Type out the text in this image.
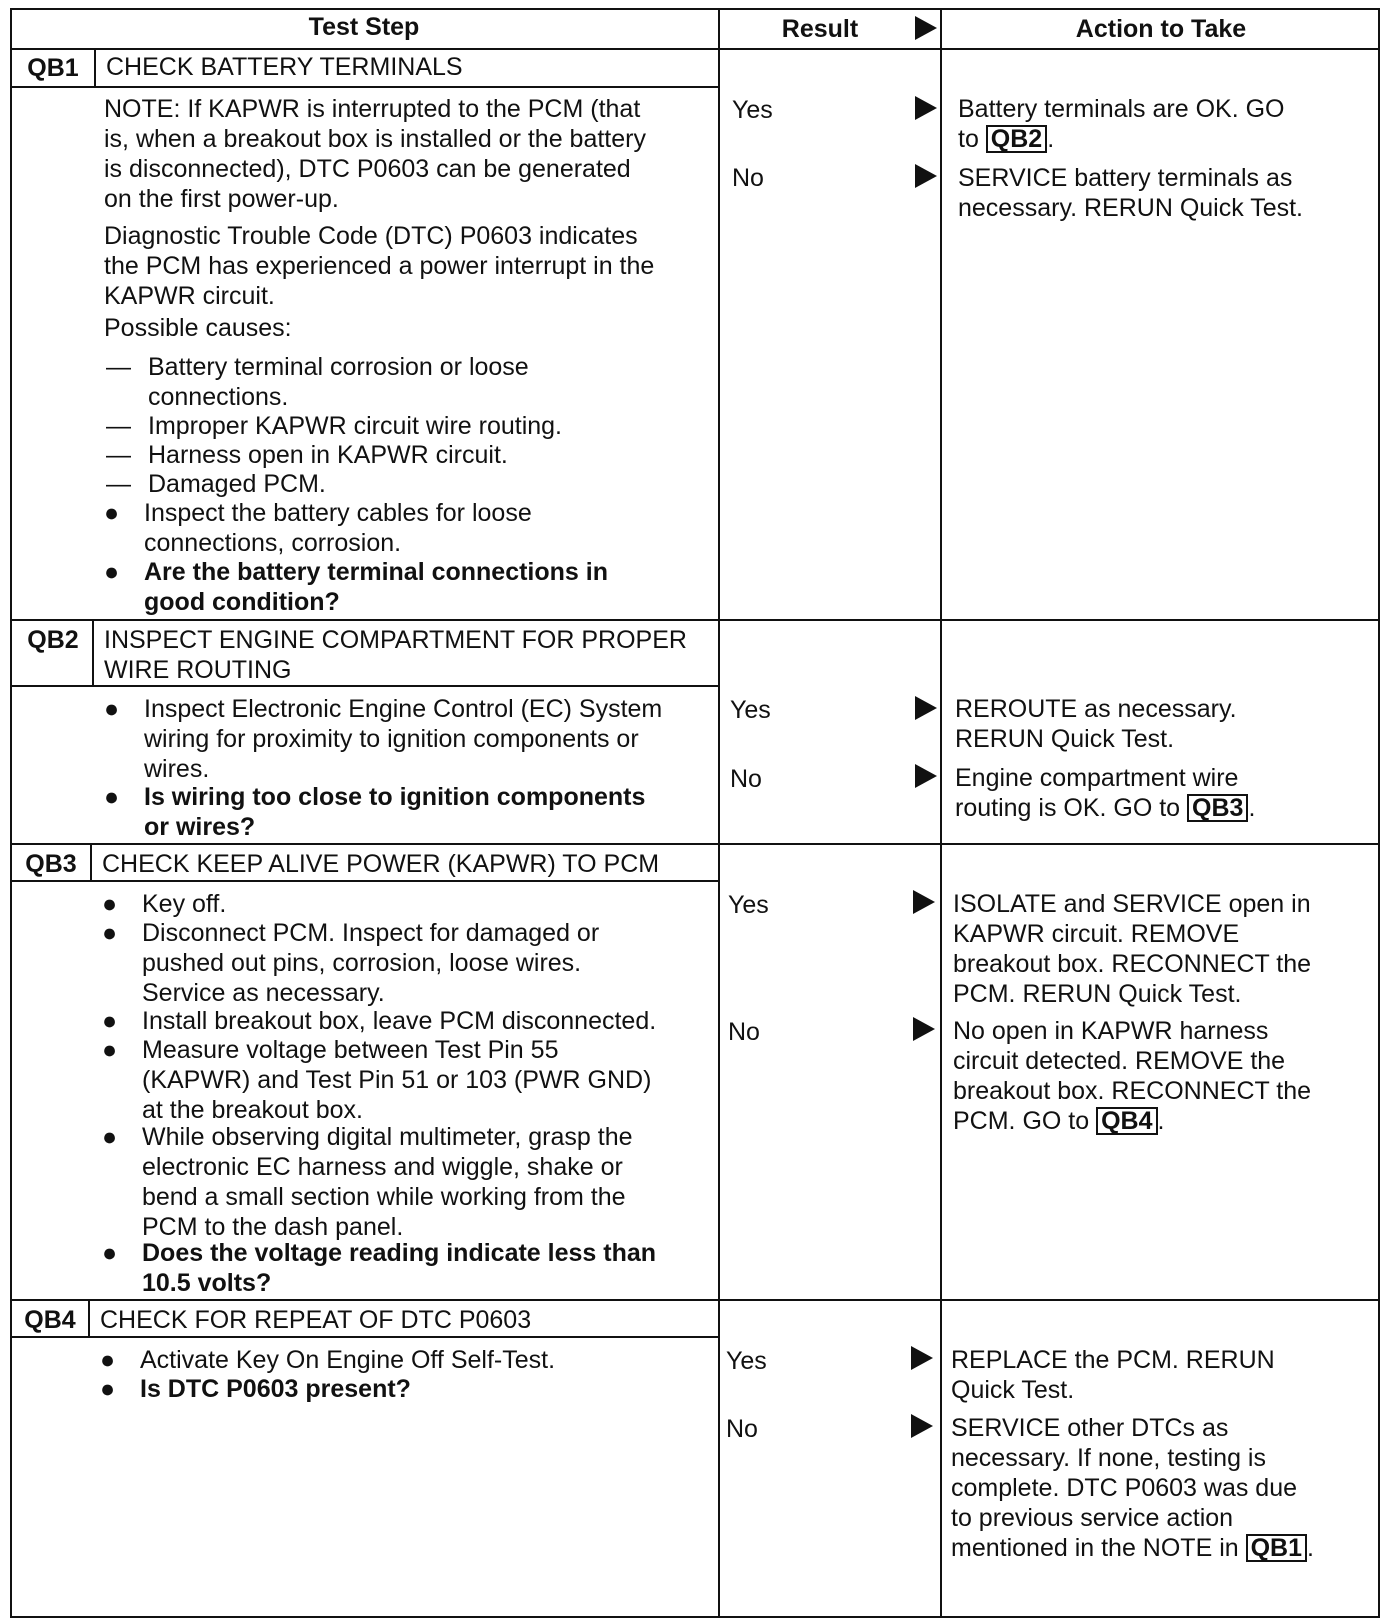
Test Step	Result	Action to Take
QB1	CHECK BATTERY TERMINALS
NOTE: If KAPWR is interrupted to the PCM (that
is, when a breakout box is installed or the battery
is disconnected), DTC P0603 can be generated
on the first power-up.
Diagnostic Trouble Code (DTC) P0603 indicates
the PCM has experienced a power interrupt in the
KAPWR circuit.
Possible causes:
— Battery terminal corrosion or loose
connections.
— Improper KAPWR circuit wire routing.
— Harness open in KAPWR circuit.
— Damaged PCM.
● Inspect the battery cables for loose
connections, corrosion.
● Are the battery terminal connections in
good condition?
Yes	Battery terminals are OK. GO
to QB2 .
No	SERVICE battery terminals as
necessary. RERUN Quick Test.
QB2	INSPECT ENGINE COMPARTMENT FOR PROPER
WIRE ROUTING
● Inspect Electronic Engine Control (EC) System
wiring for proximity to ignition components or
wires.
● Is wiring too close to ignition components
or wires?
Yes	REROUTE as necessary.
RERUN Quick Test.
No	Engine compartment wire
routing is OK. GO to QB3 .
QB3	CHECK KEEP ALIVE POWER (KAPWR) TO PCM
● Key off.
● Disconnect PCM. Inspect for damaged or
pushed out pins, corrosion, loose wires.
Service as necessary.
● Install breakout box, leave PCM disconnected.
● Measure voltage between Test Pin 55
(KAPWR) and Test Pin 51 or 103 (PWR GND)
at the breakout box.
● While observing digital multimeter, grasp the
electronic EC harness and wiggle, shake or
bend a small section while working from the
PCM to the dash panel.
● Does the voltage reading indicate less than
10.5 volts?
Yes	ISOLATE and SERVICE open in
KAPWR circuit. REMOVE
breakout box. RECONNECT the
PCM. RERUN Quick Test.
No	No open in KAPWR harness
circuit detected. REMOVE the
breakout box. RECONNECT the
PCM. GO to QB4 .
QB4 CHECK FOR REPEAT OF DTC P0603
● Activate Key On Engine Off Self-Test.
● Is DTC P0603 present?
Yes	REPLACE the PCM. RERUN
Quick Test.
No	SERVICE other DTCs as
necessary. If none, testing is
complete. DTC P0603 was due
to previous service action
mentioned in the NOTE in QB1 .
